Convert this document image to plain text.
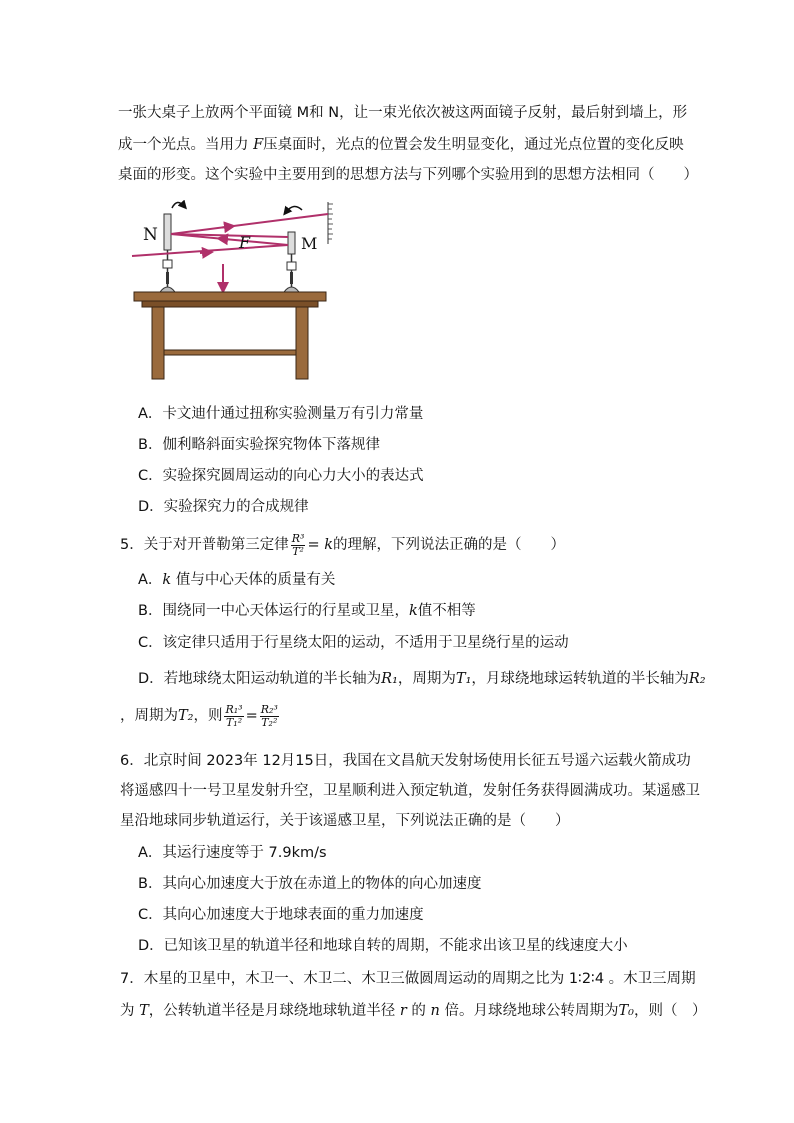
一张大桌子上放两个平面镜 M和 N，让一束光依次被这两面镜子反射，最后射到墙上，形
成一个光点。当用力 F压桌面时，光点的位置会发生明显变化，通过光点位置的变化反映
桌面的形变。这个实验中主要用到的思想方法与下列哪个实验用到的思想方法相同（　　）
N	M
F
A．卡文迪什通过扭称实验测量万有引力常量
B．伽利略斜面实验探究物体下落规律
C．实验探究圆周运动的向心力大小的表达式
D．实验探究力的合成规律
5．关于对开普勒第三定律 $\frac{\text{R³}}{\text{T²}} = k$的理解，下列说法正确的是（　　）
A．k 值与中心天体的质量有关
B．围绕同一中心天体运行的行星或卫星，k值不相等
C．该定律只适用于行星绕太阳的运动，不适用于卫星绕行星的运动
D．若地球绕太阳运动轨道的半长轴为R₁，周期为T₁，月球绕地球运转轨道的半长轴为R₂
，周期为T₂，则 $\frac{\text{R₁³}}{\text{T₁²}} = \frac{\text{R₂³}}{\text{T₂²}}$
6．北京时间 2023年 12月15日，我国在文昌航天发射场使用长征五号遥六运载火箭成功
将遥感四十一号卫星发射升空，卫星顺利进入预定轨道，发射任务获得圆满成功。某遥感卫
星沿地球同步轨道运行，关于该遥感卫星，下列说法正确的是（　　）
A．其运行速度等于 7.9km/s
B．其向心加速度大于放在赤道上的物体的向心加速度
C．其向心加速度大于地球表面的重力加速度
D．已知该卫星的轨道半径和地球自转的周期，不能求出该卫星的线速度大小
7．木星的卫星中，木卫一、木卫二、木卫三做圆周运动的周期之比为 1∶2∶4 。木卫三周期
为 T，公转轨道半径是月球绕地球轨道半径 r 的 n 倍。月球绕地球公转周期为T₀，则（　）
